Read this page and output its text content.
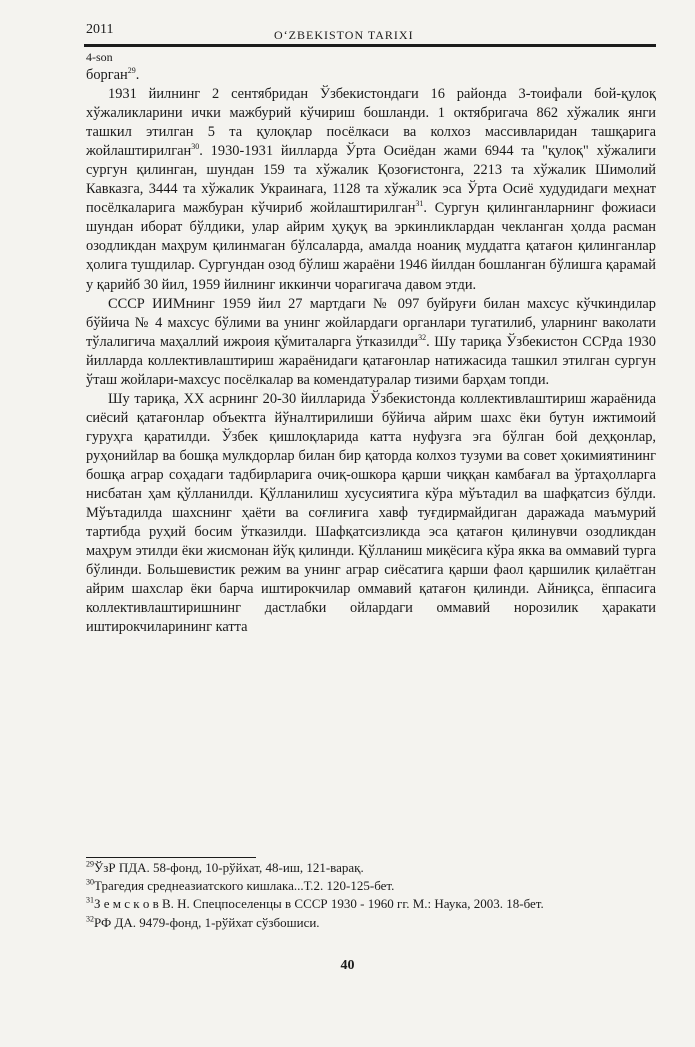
2011	O‘ZBEKISTON TARIXI
4-son

борган$^{29}$.

1931 йилнинг 2 сентябридан Ўзбекистондаги 16 районда 3-тоифали бой-қулоқ хўжаликларини ички мажбурий кўчириш бошланди. 1 октябригача 862 хўжалик янги ташкил этилган 5 та қулоқлар посёлкаси ва колхоз массивларидан ташқарига жойлаштирилган$^{30}$. 1930-1931 йилларда Ўрта Осиёдан жами 6944 та "қулоқ" хўжалиги сургун қилинган, шундан 159 та хўжалик Қозоғистонга, 2213 та хўжалик Шимолий Кавказга, 3444 та хўжалик Украинага, 1128 та хўжалик эса Ўрта Осиё худудидаги меҳнат посёлкаларига мажбуран кўчириб жойлаштирилган$^{31}$. Сургун қилинганларнинг фожиаси шундан иборат бўлдики, улар айрим ҳуқуқ ва эркинликлардан чекланган ҳолда расман озодликдан маҳрум қилинмаган бўлсаларда, амалда ноаниқ муддатга қатағон қилинганлар ҳолига тушдилар. Сургундан озод бўлиш жараёни 1946 йилдан бошланган бўлишга қарамай у қарийб 30 йил, 1959 йилнинг иккинчи чорагигача давом этди.

СССР ИИМнинг 1959 йил 27 мартдаги № 097 буйруғи билан махсус кўчкиндилар бўйича № 4 махсус бўлими ва унинг жойлардаги органлари тугатилиб, уларнинг ваколати тўлалигича маҳаллий ижроия қўмиталарга ўтказилди$^{32}$. Шу тариқа Ўзбекистон ССРда 1930 йилларда коллективлаштириш жараёнидаги қатағонлар натижасида ташкил этилган сургун ўташ жойлари-махсус посёлкалар ва комендатуралар тизими барҳам топди.

Шу тариқа, ХХ асрнинг 20-30 йилларида Ўзбекистонда коллективлаштириш жараёнида сиёсий қатағонлар объектга йўналтирилиши бўйича айрим шахс ёки бутун ижтимоий гуруҳга қаратилди. Ўзбек қишлоқларида катта нуфузга эга бўлган бой деҳқонлар, руҳонийлар ва бошқа мулкдорлар билан бир қаторда колхоз тузуми ва совет ҳокимиятининг бошқа аграр соҳадаги тадбирларига очиқ-ошкора қарши чиққан камбағал ва ўртаҳолларга нисбатан ҳам қўлланилди. Қўлланилиш хусусиятига кўра мўътадил ва шафқатсиз бўлди. Мўътадилда шахснинг ҳаёти ва соғлиғига хавф туғдирмайдиган даражада маъмурий тартибда руҳий босим ўтказилди. Шафқатсизликда эса қатағон қилинувчи озодликдан маҳрум этилди ёки жисмонан йўқ қилинди. Қўлланиш миқёсига кўра якка ва оммавий турга бўлинди. Большевистик режим ва унинг аграр сиёсатига қарши фаол қаршилик қилаётган айрим шахслар ёки барча иштирокчилар оммавий қатағон қилинди. Айниқса, ёппасига коллективлаштиришнинг дастлабки ойлардаги оммавий норозилик ҳаракати иштирокчиларининг катта

$^{29}$ЎзР ПДА. 58-фонд, 10-рўйхат, 48-иш, 121-варақ.

$^{30}$Трагедия среднеазиатского кишлака...Т.2. 120-125-бет.

$^{31}$З е м с к о в В. Н. Спецпоселенцы в СССР 1930 - 1960 гг. М.: Наука, 2003. 18-бет.

$^{32}$РФ ДА. 9479-фонд, 1-рўйхат сўзбошиси.

40
